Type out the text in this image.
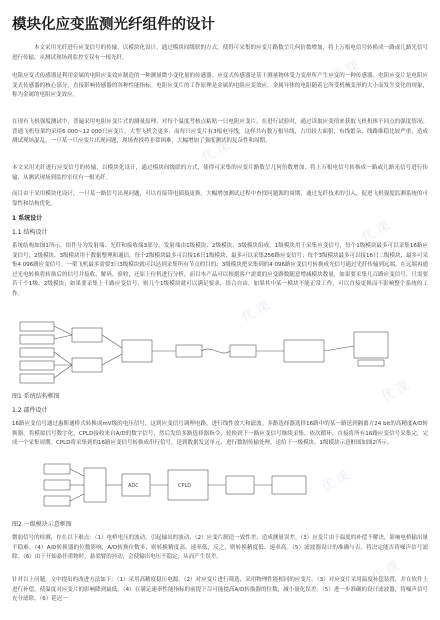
模块化应变监测光纤组件的设计
本文采用光纤进行应变信号的传输，以模块化设计，通过模块间级联的方式，使得可采集的应变片路数呈几何倍数增加，将上万根电信号转换成一路或几路光信号进行传输，从测试现场到监控室仅有一根光纤。
电阻应变式传感器是利用金属的电阻应变效应制造的一种测量微小变化量的传感器。应变式传感器是基于测量物体受力变形所产生应变的一种传感器。电阻应变片是电阻应变式传感器的核心部分，直接影响传感器的各种性能指标。电阻应变片的工作原理是金属的电阻应变效应。金属导体的电阻随着它所受机械变形的大小而发生变化的现象，称为金属的电阻应变效应。
在现有飞机强度测试中，普遍采用电阻应变片式的测量原理，对每个温度考核点粘贴一只电阻应变片，在进行试验时，通过读取应变值来获取飞机机体不同点的强度情况。普通飞机每架约采用6 000~12 000只应变片，大型飞机会更多，而每只应变片有3根电导线，这样共有数万根导线，占用较大面积，布线繁杂，线路维稳比较严重，造成测试现场混乱。一旦某一只应变片出现问题，现场查找将非常困难，大幅增加了强度测试的复杂性和周期。
本文采用光纤进行应变信号的传输，以模块化设计，通过模块间级联的方式，使得可采集的应变片路数呈几何倍数增加，将上万根电信号转换成一路或几路光信号进行传输，从测试现场到监控室仅有一根光纤。
而目由于采用模块化设计，一旦某一路信号出现问题，可以直接带电插拔更换，大幅增加测试过程中查找问题源的周期，通过光纤技术的引入，促进飞机强度监测系统的可靠性和结构优化。
1 系统设计
1.1 结构设计
系统结构如图1所示。组件分为发射端、光纤和接收端3部分。发射端由1级模块、2级模块、3级模块组成。1级模块用于采集应变信号，每个1级模块最多可以采集16路应变信号；2级模块、3级模块用于数据整理和通信，每个2级模块最多可以接16只1级模块，最多可以采集256路应变信号；每个3级模块最多可以接16只二级模块，最多可采集4 096路应变信号。一架飞机最多需要3只3级模块就可以达到采集所有节点的目的；3级模块把采集到的4 096路应变信号转换成光信号通过光纤传输到远端，在远端再通过光电转换将转换后的信号并接收、解码、验收，还原上位机进行分析，而目本产品可以根据客户需要的应变路数随意增减模块数量，如果要采集几百路应变信号，只需要若干个1级、2级模块；如果要采集上千路应变信号，则几个1级模块就可以满足要求，组合自由。如果其中某一模块不能正常工作，可以直接更换而不影响整个系统的工作。
图1 系统结构框图
1.2 部件设计
16路应变信号通过惠斯通桥式转换成mV级的电压信号，这到应变信号调理电路，进行线性放大和滤波。多路选择器选择16路中的某一路送到隔离方24 bit的高精度A/D转换器，将模拟信号数字化，CPLD接收来自A/D的数字信号，然后发给多路选择器指令，轮换到下一路应变信号继续采集，依次循环，直接将所有16路应变信号采集完，完成一个采集周期。CPLD将采集到的16路应变信号转换成串行信号，送到数据发送单元，进行数据传输处理，送给下一级模块。1级模块示意框图如图2所示。
ADC	CPLD
图2 一级模块示意框图
微弱信号的检测，存在以下难点：（1）电桥电压的波动，引起输出的波动。（2）应变片制造一致性差，造成测量误差。（3）应变片由于温度的补偿不解决，影响电桥输出量不稳难。（4）A/D转换器的位数影响，A/D转换位数多，则转换精度高、速率低，反之，则转换精度低、速率高。（5）滤波器设计的准确与否，将决定能否将噪声信号滤除。（6）由于开始悬挂重物时，悬梁臂的抖动，会使输出电压不稳定，从而产生误差。
针对以上问题，文中提出的改进方法如下：（1）采用高精度稳压电源。（2）对应变片进行筛选，采用物理性能相同的应变片。（3）对应变片采用温度补偿装置，并在软件上进行补偿，使温度对应变片的影响降到最低。（4）在满足速率性能指标的前提下尽可能提高A/D转换器的位数，减小量化误差。（5）进一步准确的设计滤波器，将噪声信号充分滤除。（6）延迟一
优课
优课
优课
优课
优课
优课
优课
